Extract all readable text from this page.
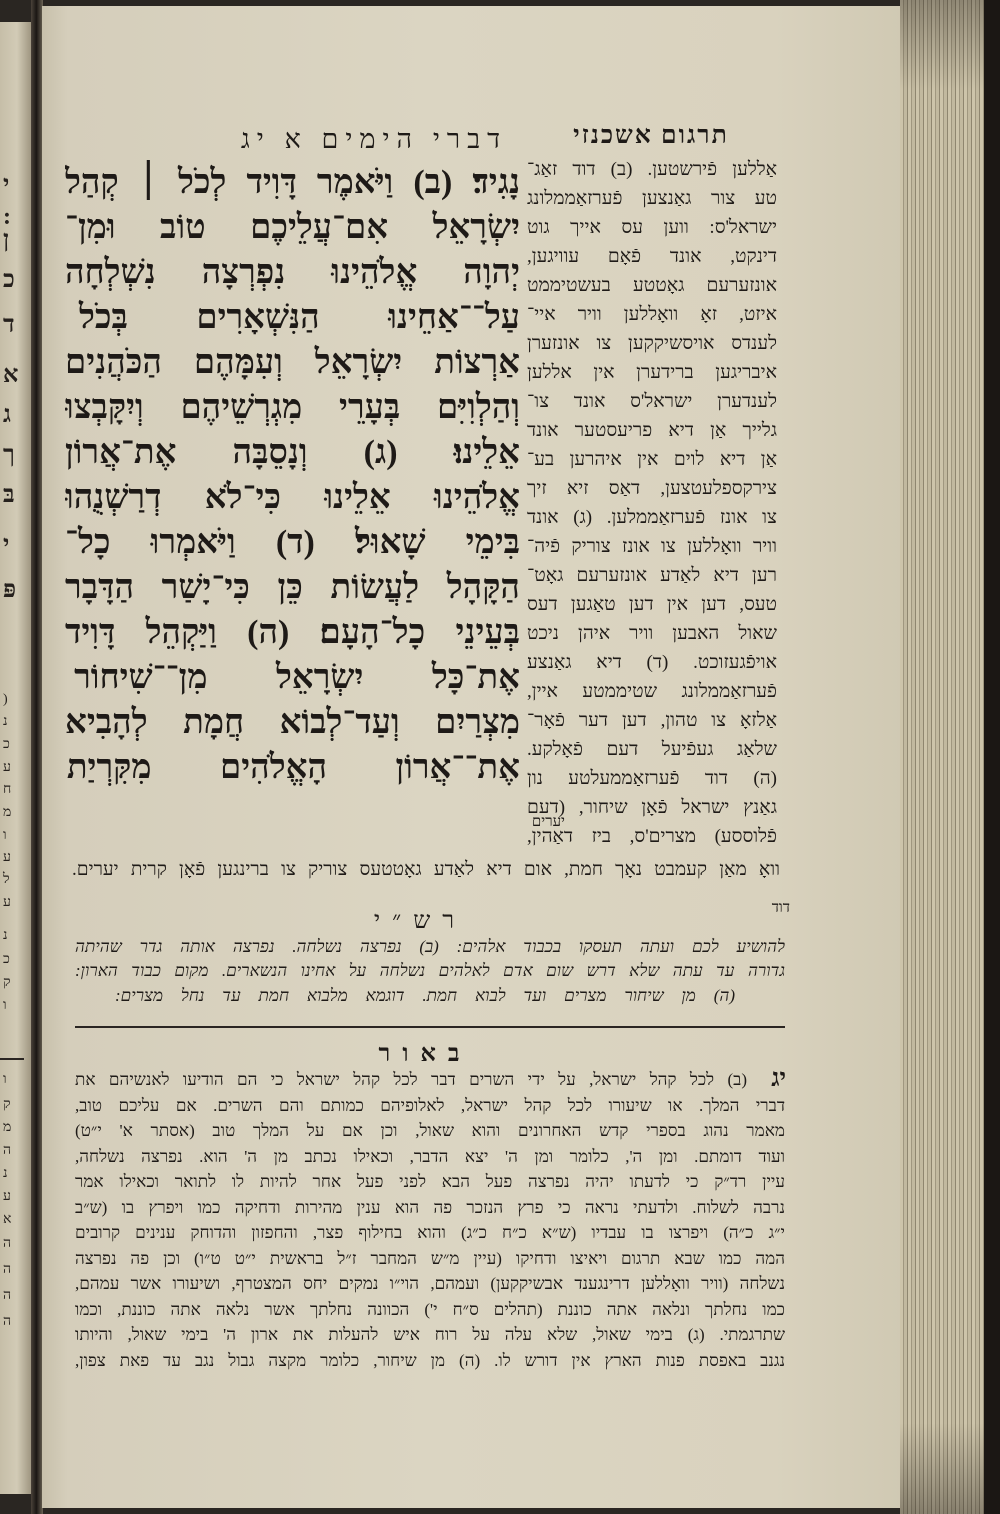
י
:
ן
כ
ד
א
ג
ך
בּ
י
פּ
(
נ
כ
ע
ח
מ
ו
ע
ל
ע
נ
כ
ק
ו
ו
ק
מ
ה
נ
ע
א
ה
ה
ה
ה
דברי הימים א יג	תרגום אשכנזי
נָגִיד׃ (ב) וַיֹּאמֶר דָּוִיד לְכֹל ׀ קְהַל
יִשְׂרָאֵל אִם־עֲלֵיכֶם טוֹב וּמִן־
יְהוָה אֱלֹהֵינוּ נִפְרְצָה נִשְׁלְחָה
עַל־־אַחֵינוּ הַנִּשְׁאָרִים בְּכֹל
אַרְצוֹת יִשְׂרָאֵל וְעִמָּהֶם הַכֹּהֲנִים
וְהַלְוִיִּם בְּעָרֵי מִגְרְשֵׁיהֶם וְיִקָּבְצוּ
אֵלֵינוּ׃ (ג) וְנָסֵבָּה אֶת־אֲרוֹן
אֱלֹהֵינוּ אֵלֵינוּ כִּי־לֹא דְרַשְׁנֻהוּ
בִּימֵי שָׁאוּל׃ (ד) וַיֹּאמְרוּ כָל־
הַקָּהָל לַעֲשׂוֹת כֵּן כִּי־יָשַׁר הַדָּבָר
בְּעֵינֵי כָל־הָעָם׃ (ה) וַיַּקְהֵל דָּוִיד
אֶת־כָּל יִשְׂרָאֵל מִן־־שִׁיחוֹר
מִצְרַיִם וְעַד־לְבוֹא חֲמָת לְהָבִיא
אֶת־־אֲרוֹן הָאֱלֹהִים מִקִּרְיַת
יערים
אַללען פֿירשטען. (ב) דוד זאַג־
טע צור גאַנצען פֿערזאַממלונג
ישראל'ס: ווען עס אייך גוט
דינקט, אונד פֿאָם עוויגען,
אונזערעם גאָטטע בעשטיממט
איזט, זאָ וואָללען וויר איי־
לענדס אויסשיקקען צו אונזערן
איבריגען ברידערן אין אללען
לענדערן ישראל'ס אונד צו־
גלייך אַן דיא פריעסטער אונד
אַן דיא לוים אין איהרען בע־
צירקספלעטצען, דאַס זיא זיך
צו אונז פֿערזאַממלען. (ג) אונד
וויר וואָללען צו אונז צוריק פֿיה־
רען דיא לאַדע אונזערעם גאָט־
טעס, דען אין דען טאַגען דעס
שאול האבען וויר איהן ניכט
אויפֿגעזוכט. (ד) דיא גאַנצע
פֿערזאַממלונג שטיממטע איין,
אַלזאָ צו טהון, דען דער פֿאָר־
שלאַג געפֿיעל דעם פֿאָלקע.
(ה) דוד פֿערזאַממעלטע נון
גאַנץ ישראל פֿאָן שיחור, (דעם
פֿלוססע) מצרים'ס, ביז דאַהין,
וואָ מאַן קעמבט נאָך חמת, אום דיא לאַדע גאָטטעס צוריק צו ברינגען פֿאָן קרית יערים.
דוד
רש״י
להושיע לכם ועתה תעסקו בכבוד אלהים: (ב) נפרצה נשלחה. נפרצה אותה גדר שהיתה
גדורה עד עתה שלא דרש שום אדם לאלהים נשלחה על אחינו הנשארים. מקום כבוד הארון:
(ה) מן שיחור מצרים ועד לבוא חמת. דוגמא מלבוא חמת עד נחל מצרים:
באור
יג
(ב) לכל קהל ישראל, על ידי השרים דבר לכל קהל ישראל כי הם הודיעו לאנשיהם את
דברי המלך. או שיעורו לכל קהל ישראל, לאלופיהם כמותם והם השרים. אם עליכם טוב,
מאמר נהוג בספרי קדש האחרונים והוא שאול, וכן אם על המלך טוב (אסתר א' י״ט)
ועוד דומתם. ומן ה', כלומר ומן ה' יצא הדבר, וכאילו נכתב מן ה' הוא. נפרצה נשלחה,
עיין רד״ק כי לדעתו יהיה נפרצה פעל הבא לפני פעל אחר להיות לו לתואר וכאילו אמר
נרבה לשלוח. ולדעתי נראה כי פרץ הנזכר פה הוא ענין מהירות ודחיקה כמו ויפרץ בו (ש״ב
י״ג כ״ה) ויפרצו בו עבדיו (ש״א כ״ח כ״ג) והוא בחילוף פצר, והחפזון והדוחק ענינים קרובים
המה כמו שבא תרגום ויאיצו ודחיקו (עיין מ״ש המחבר ז״ל בראשית י״ט ט״ו) וכן פה נפרצה
נשלחה (וויר וואָללען דרינגענד אבשיקקען) ועמהם, הוי״ו נמקים יחס המצטרף, ושיעורו אשר עמהם,
כמו נחלתך ונלאה אתה כוננת (תהלים ס״ח י') הכוונה נחלתך אשר נלאה אתה כוננת, וכמו
שתרגמתי. (ג) בימי שאול, שלא עלה על רוח איש להעלות את ארון ה' בימי שאול, והיותו
נגנב באפסת פנות הארץ אין דורש לו. (ה) מן שיחור, כלומר מקצה גבול נגב עד פאת צפון,
